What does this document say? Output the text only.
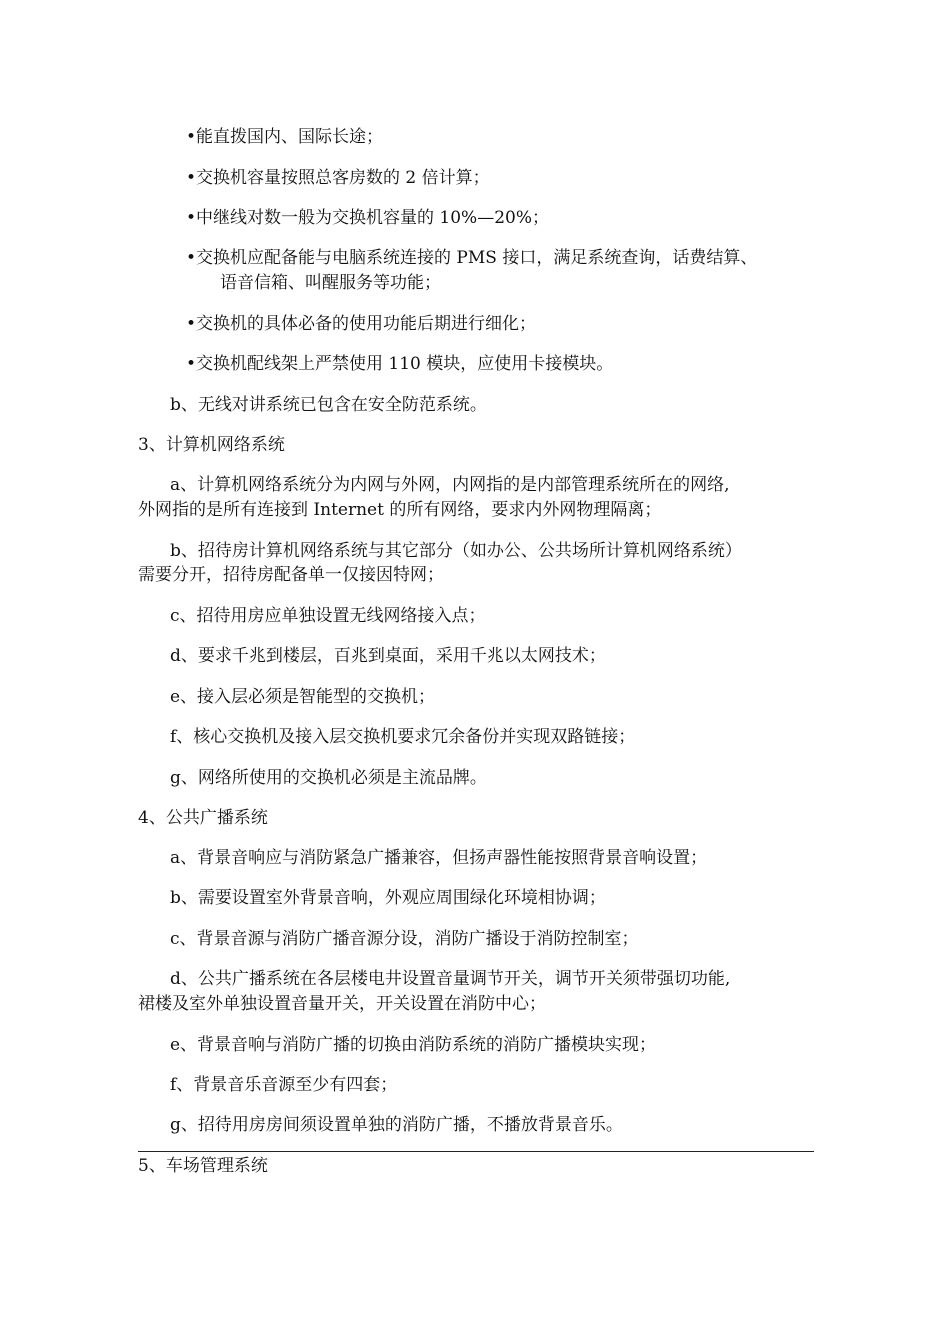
•能直拨国内、国际长途；
•交换机容量按照总客房数的 2 倍计算；
•中继线对数一般为交换机容量的 10%—20%；
•交换机应配备能与电脑系统连接的 PMS 接口，满足系统查询，话费结算、
语音信箱、叫醒服务等功能；
•交换机的具体必备的使用功能后期进行细化；
•交换机配线架上严禁使用 110 模块，应使用卡接模块。
b、无线对讲系统已包含在安全防范系统。
3、计算机网络系统
a、计算机网络系统分为内网与外网，内网指的是内部管理系统所在的网络,
外网指的是所有连接到 Internet 的所有网络，要求内外网物理隔离；
b、招待房计算机网络系统与其它部分（如办公、公共场所计算机网络系统）
需要分开，招待房配备单一仅接因特网；
c、招待用房应单独设置无线网络接入点；
d、要求千兆到楼层，百兆到桌面，采用千兆以太网技术；
e、接入层必须是智能型的交换机；
f、核心交换机及接入层交换机要求冗余备份并实现双路链接；
g、网络所使用的交换机必须是主流品牌。
4、公共广播系统
a、背景音响应与消防紧急广播兼容，但扬声器性能按照背景音响设置；
b、需要设置室外背景音响，外观应周围绿化环境相协调；
c、背景音源与消防广播音源分设，消防广播设于消防控制室；
d、公共广播系统在各层楼电井设置音量调节开关，调节开关须带强切功能,
裙楼及室外单独设置音量开关，开关设置在消防中心；
e、背景音响与消防广播的切换由消防系统的消防广播模块实现；
f、背景音乐音源至少有四套；
g、招待用房房间须设置单独的消防广播，不播放背景音乐。
5、车场管理系统
